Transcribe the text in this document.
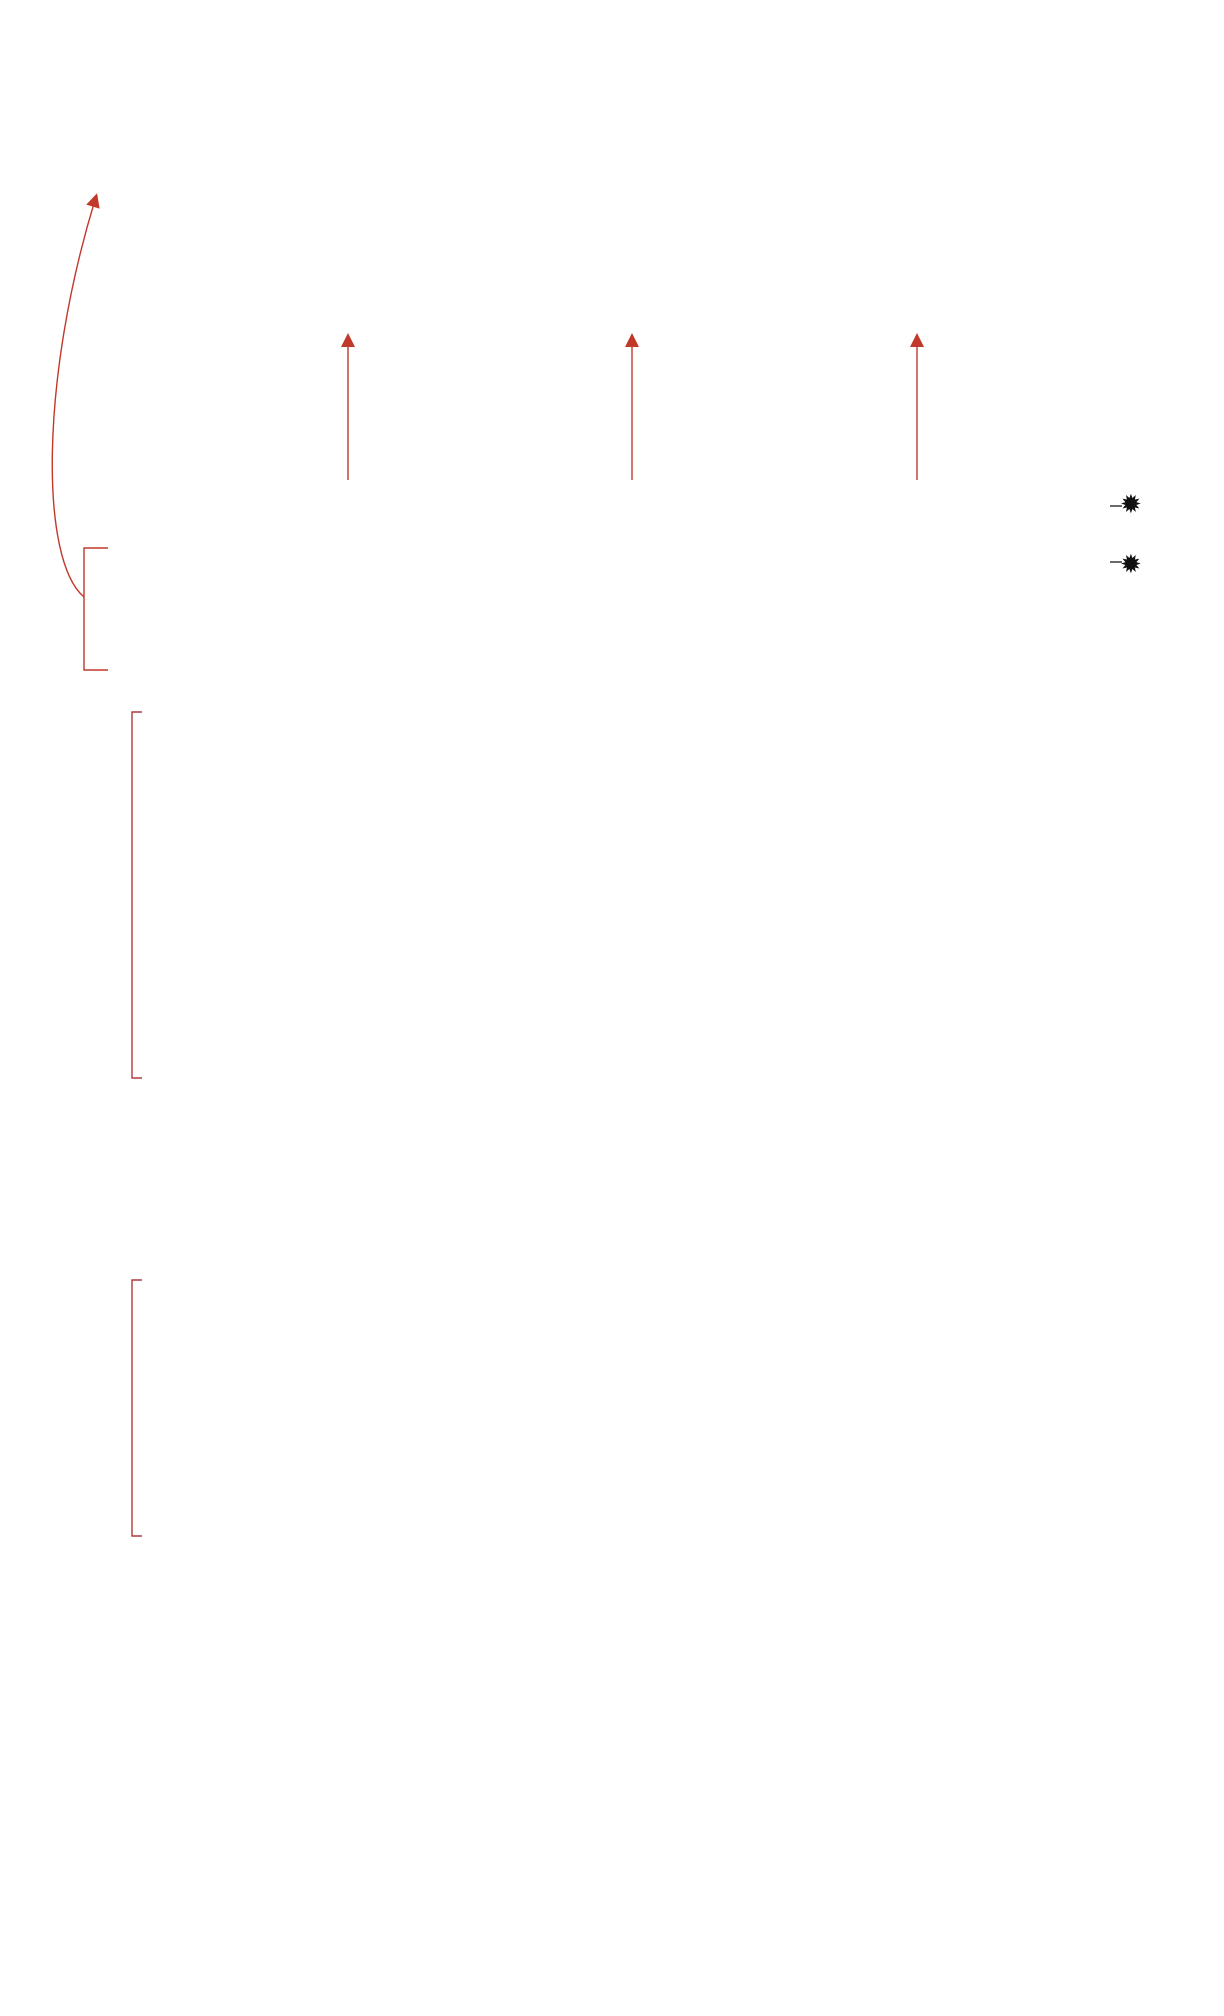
✹
✹
